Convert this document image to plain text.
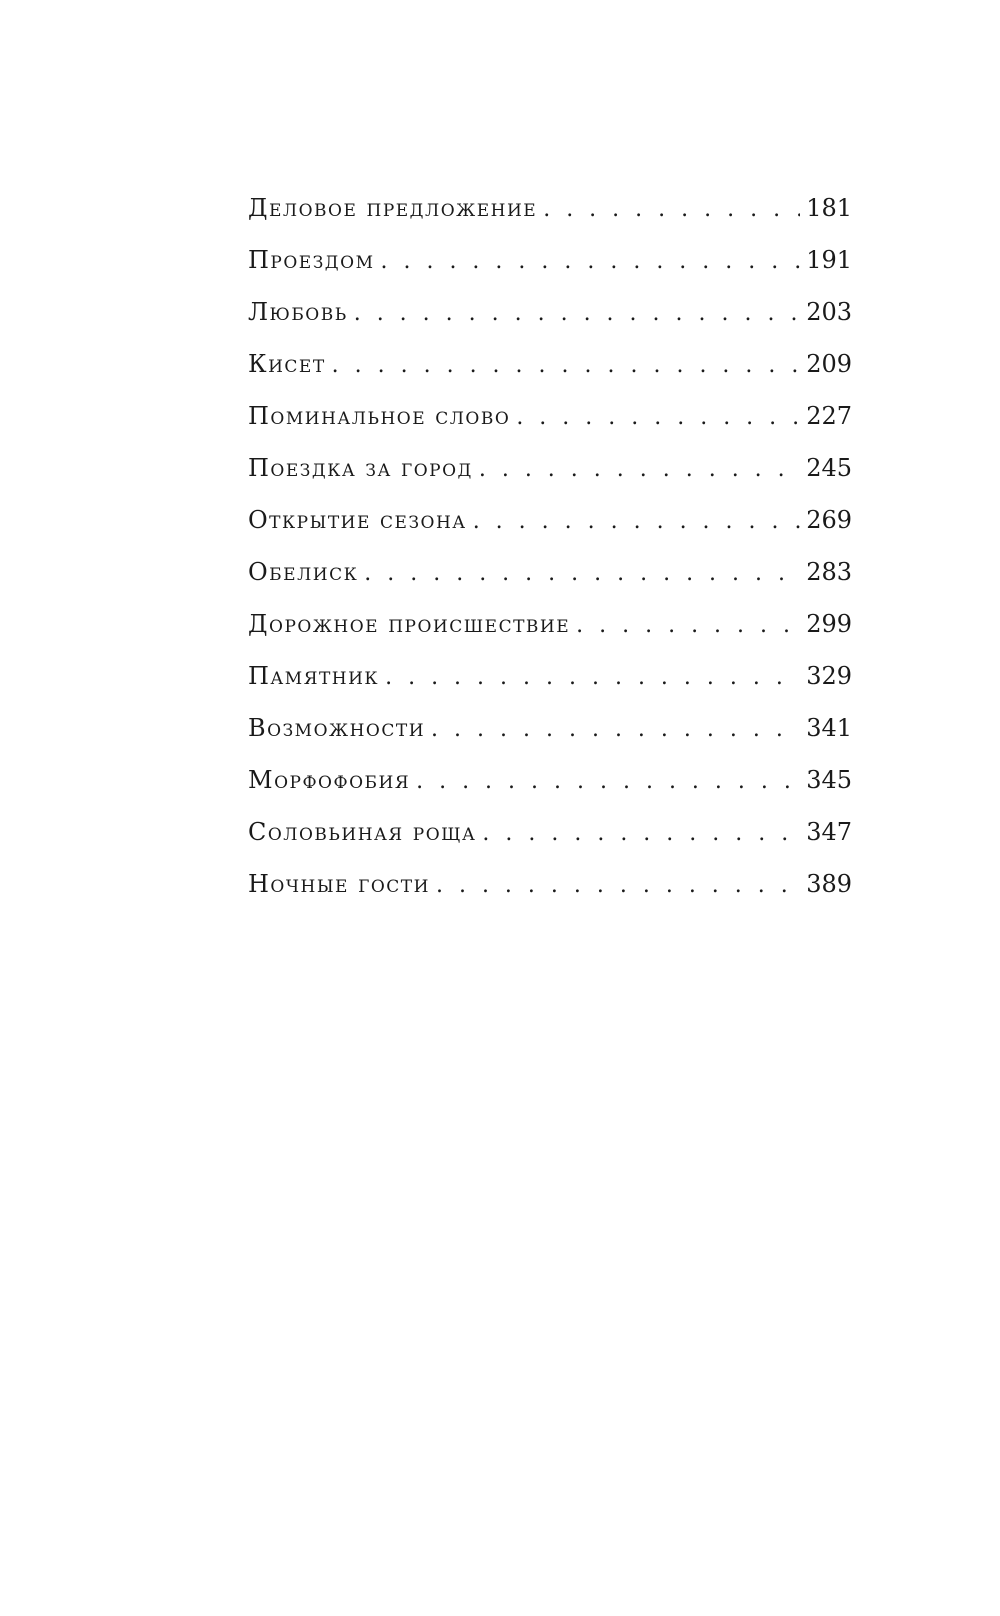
Деловое предложение . . .	181
Проездом . . .	191
Любовь . . .	203
Кисет . . .	209
Поминальное слово . . .	227
Поездка за город . . .	245
Открытие сезона . . .	269
Обелиск . . .	283
Дорожное происшествие . . .	299
Памятник . . .	329
Возможности . . .	341
Морфофобия . . .	345
Соловьиная роща . . .	347
Ночные гости . . .	389
